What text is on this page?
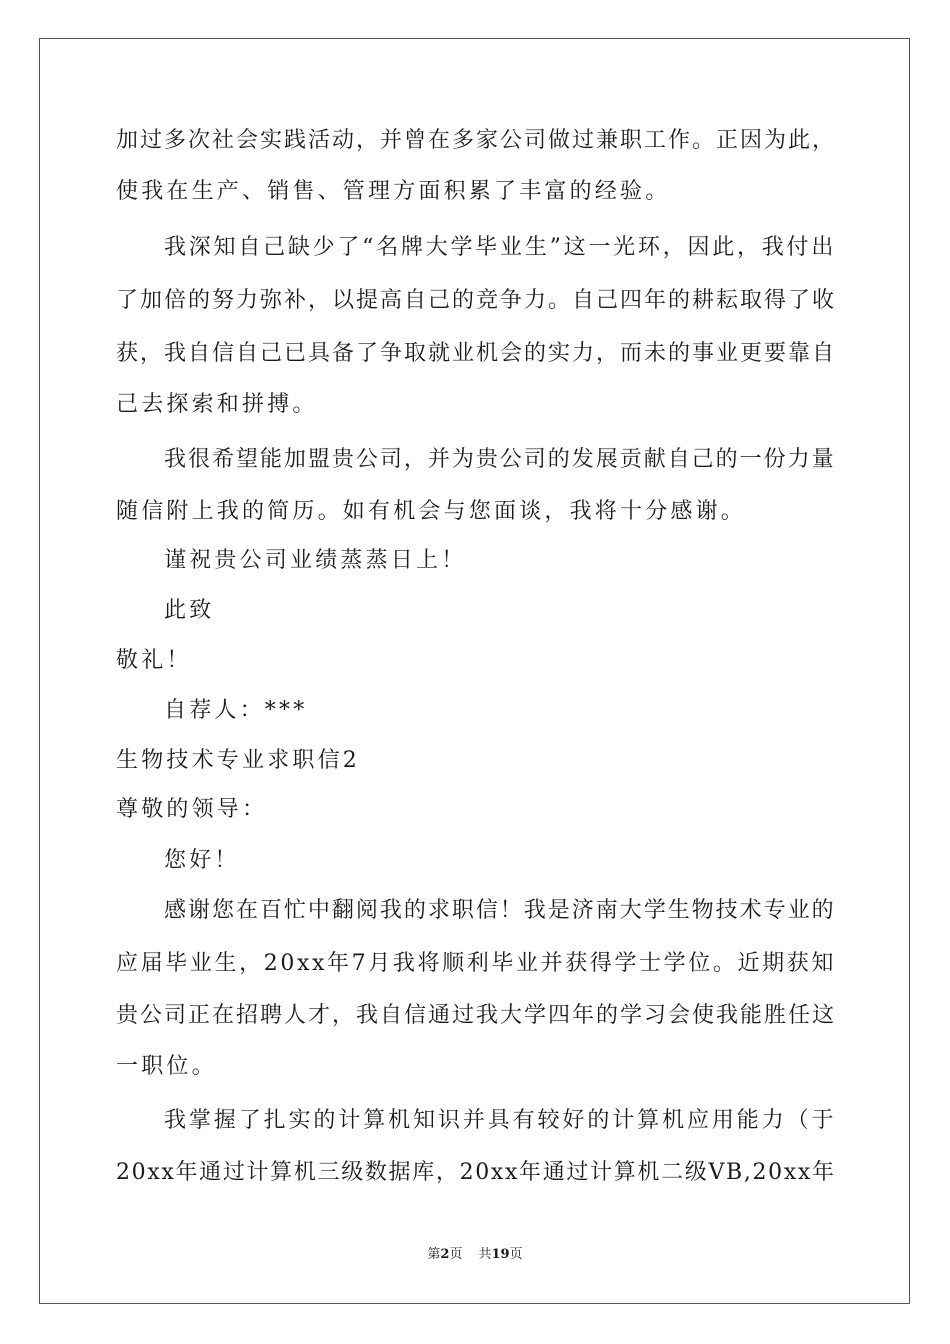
加过多次社会实践活动，并曾在多家公司做过兼职工作。正因为此，
使我在生产、销售、管理方面积累了丰富的经验。
我深知自己缺少了“名牌大学毕业生”这一光环，因此，我付出
了加倍的努力弥补，以提高自己的竞争力。自己四年的耕耘取得了收
获，我自信自己已具备了争取就业机会的实力，而未的事业更要靠自
己去探索和拼搏。
我很希望能加盟贵公司，并为贵公司的发展贡献自己的一份力量
随信附上我的简历。如有机会与您面谈，我将十分感谢。
谨祝贵公司业绩蒸蒸日上！
此致
敬礼！
自荐人：***
生物技术专业求职信2
尊敬的领导：
您好！
感谢您在百忙中翻阅我的求职信！我是济南大学生物技术专业的
应届毕业生，20xx年7月我将顺利毕业并获得学士学位。近期获知
贵公司正在招聘人才，我自信通过我大学四年的学习会使我能胜任这
一职位。
我掌握了扎实的计算机知识并具有较好的计算机应用能力（于
20xx年通过计算机三级数据库，20xx年通过计算机二级VB,20xx年
第2页 共19页
